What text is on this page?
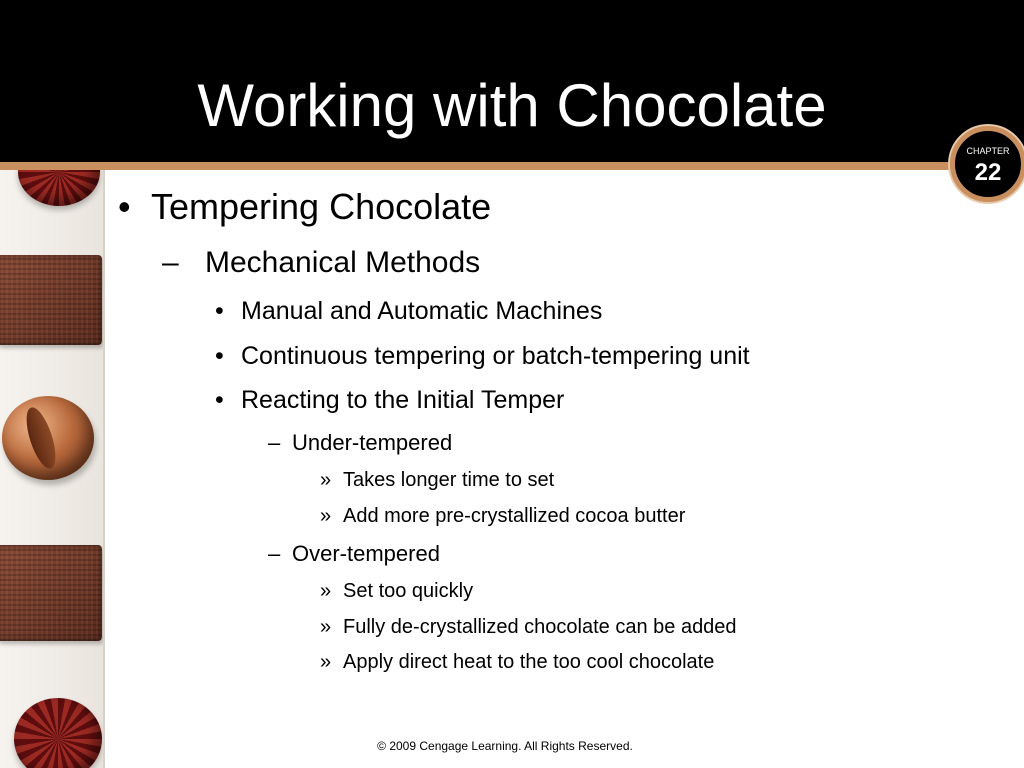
Working with Chocolate
CHAPTER
22
• Tempering Chocolate
– Mechanical Methods
• Manual and Automatic Machines
• Continuous tempering or batch-tempering unit
• Reacting to the Initial Temper
– Under-tempered
» Takes longer time to set
» Add more pre-crystallized cocoa butter
– Over-tempered
» Set too quickly
» Fully de-crystallized chocolate can be added
» Apply direct heat to the too cool chocolate
© 2009 Cengage Learning. All Rights Reserved.
